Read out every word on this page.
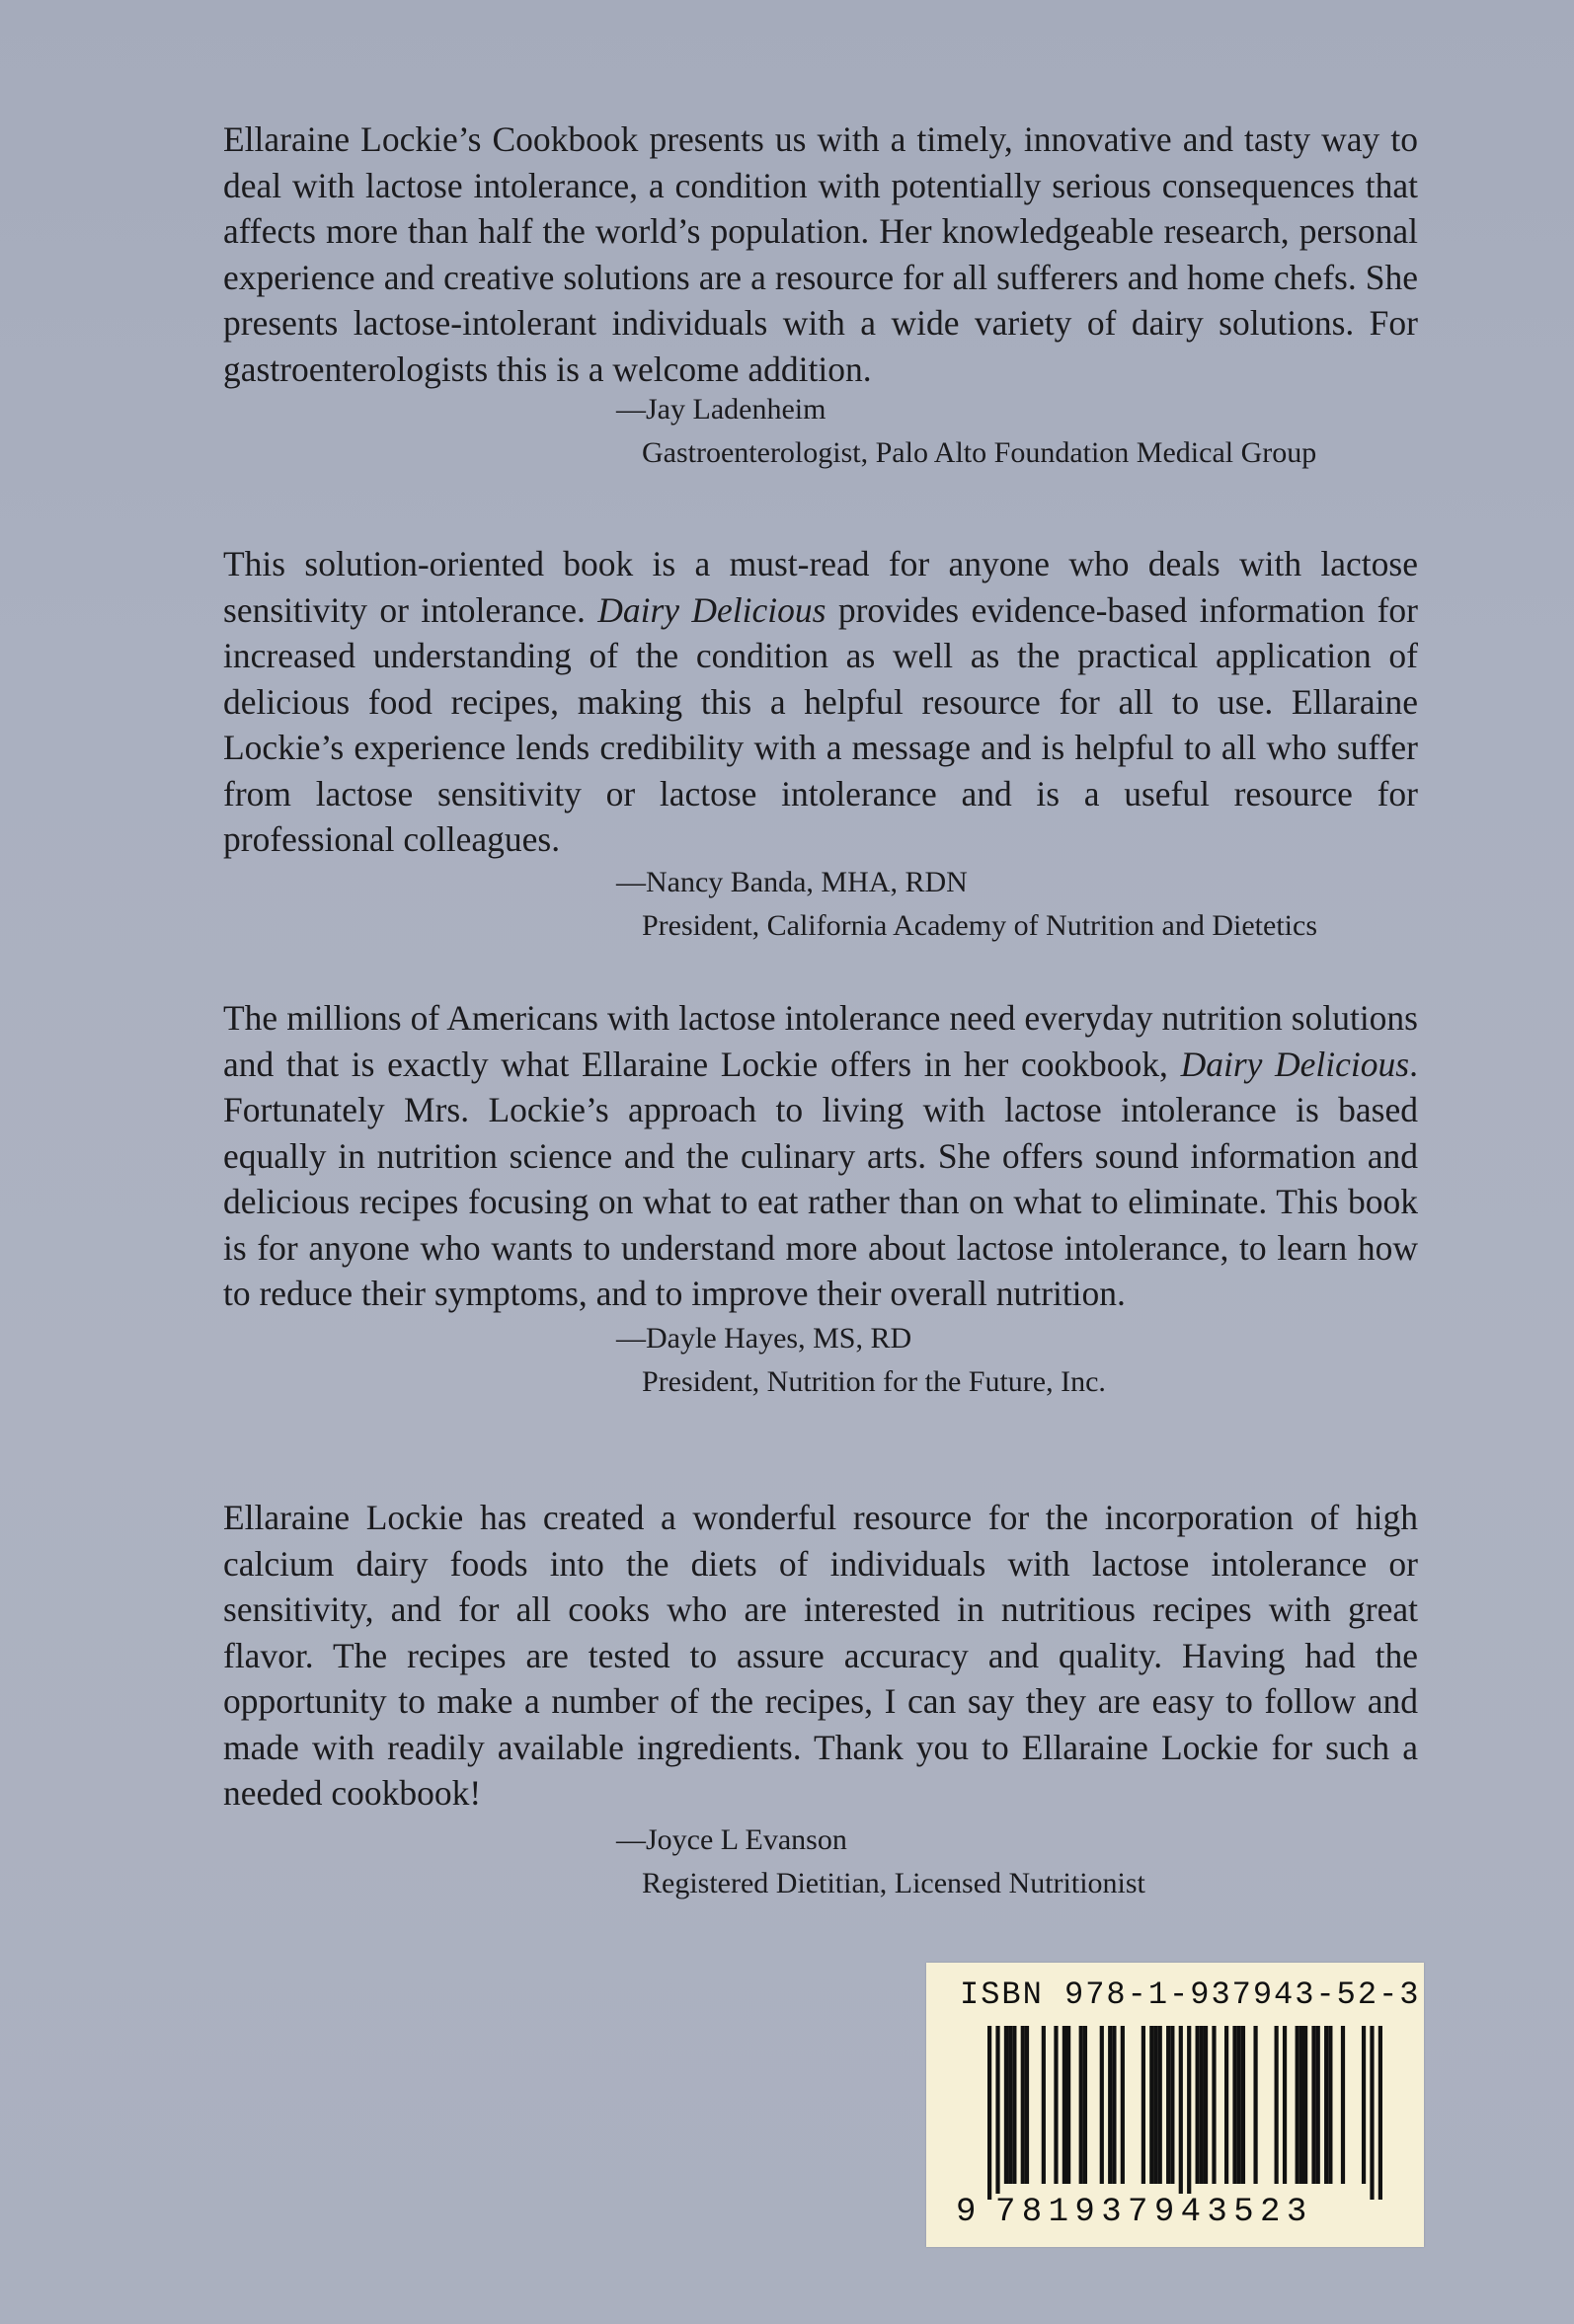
Ellaraine Lockie’s Cookbook presents us with a timely, innovative and tasty way to deal with lactose intolerance, a condition with potentially serious consequences that affects more than half the world’s population. Her knowledgeable research, personal experience and creative solutions are a resource for all sufferers and home chefs. She presents lactose-intolerant individuals with a wide variety of dairy solutions. For gastroenterologists this is a welcome addition.

—Jay Ladenheim
Gastroenterologist, Palo Alto Foundation Medical Group

This solution-oriented book is a must-read for anyone who deals with lactose sensitivity or intolerance. Dairy Delicious provides evidence-based information for increased understanding of the condition as well as the practical application of delicious food recipes, making this a helpful resource for all to use. Ellaraine Lockie’s experience lends credibility with a message and is helpful to all who suffer from lactose sensitivity or lactose intolerance and is a useful resource for professional colleagues.

—Nancy Banda, MHA, RDN
President, California Academy of Nutrition and Dietetics

The millions of Americans with lactose intolerance need everyday nutrition solutions and that is exactly what Ellaraine Lockie offers in her cookbook, Dairy Delicious. Fortunately Mrs. Lockie’s approach to living with lactose intolerance is based equally in nutrition science and the culinary arts. She offers sound information and delicious recipes focusing on what to eat rather than on what to eliminate. This book is for anyone who wants to understand more about lactose intolerance, to learn how to reduce their symptoms, and to improve their overall nutrition.

—Dayle Hayes, MS, RD
President, Nutrition for the Future, Inc.

Ellaraine Lockie has created a wonderful resource for the incorporation of high calcium dairy foods into the diets of individuals with lactose intolerance or sensitivity, and for all cooks who are interested in nutritious recipes with great flavor. The recipes are tested to assure accuracy and quality. Having had the opportunity to make a number of the recipes, I can say they are easy to follow and made with readily available ingredients. Thank you to Ellaraine Lockie for such a needed cookbook!

—Joyce L Evanson
Registered Dietitian, Licensed Nutritionist
ISBN 978-1-937943-52-3
9 781937943523
